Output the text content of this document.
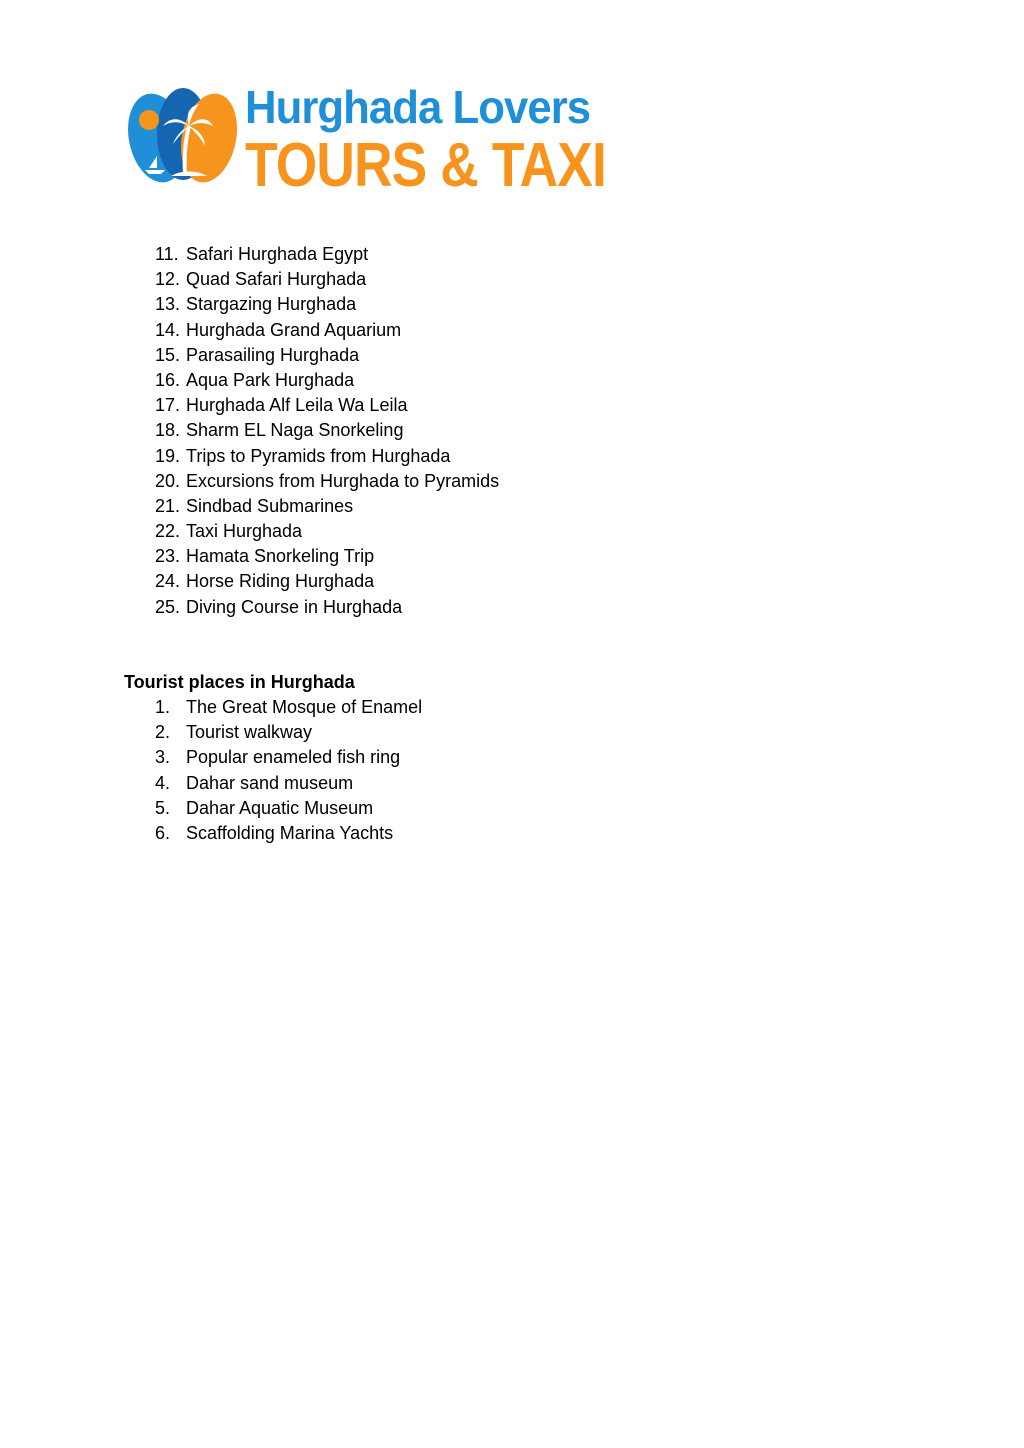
Hurghada Lovers
TOURS & TAXI
11. Safari Hurghada Egypt
12. Quad Safari Hurghada
13. Stargazing Hurghada
14. Hurghada Grand Aquarium
15. Parasailing Hurghada
16. Aqua Park Hurghada
17. Hurghada Alf Leila Wa Leila
18. Sharm EL Naga Snorkeling
19. Trips to Pyramids from Hurghada
20. Excursions from Hurghada to Pyramids
21. Sindbad Submarines
22. Taxi Hurghada
23. Hamata Snorkeling Trip
24. Horse Riding Hurghada
25. Diving Course in Hurghada
Tourist places in Hurghada
1. The Great Mosque of Enamel
2. Tourist walkway
3. Popular enameled fish ring
4. Dahar sand museum
5. Dahar Aquatic Museum
6. Scaffolding Marina Yachts
